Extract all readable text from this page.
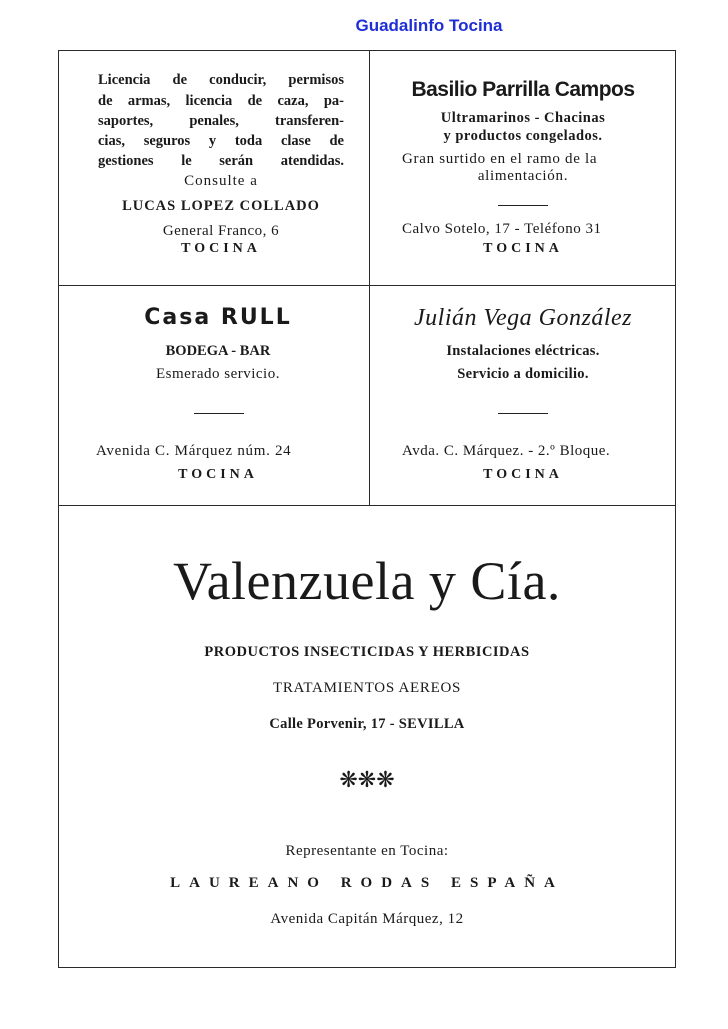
Guadalinfo Tocina
Licencia de conducir, permisos
de armas, licencia de caza, pa-
saportes, penales, transferen-
cias, seguros y toda clase de
gestiones le serán atendidas.
Consulte a
LUCAS LOPEZ COLLADO
General Franco, 6
TOCINA
Basilio Parrilla Campos
Ultramarinos - Chacinas
y productos congelados.
Gran surtido en el ramo de la
alimentación.
Calvo Sotelo, 17 - Teléfono 31
TOCINA
Casa RULL
BODEGA - BAR
Esmerado servicio.
Avenida C. Márquez núm. 24
TOCINA
Julián Vega González
Instalaciones eléctricas.
Servicio a domicilio.
Avda. C. Márquez. - 2.º Bloque.
TOCINA
Valenzuela y Cía.
PRODUCTOS INSECTICIDAS Y HERBICIDAS
TRATAMIENTOS AEREOS
Calle Porvenir, 17 - SEVILLA
❋❋❋
Representante en Tocina:
LAUREANO RODAS ESPAÑA
Avenida Capitán Márquez, 12
